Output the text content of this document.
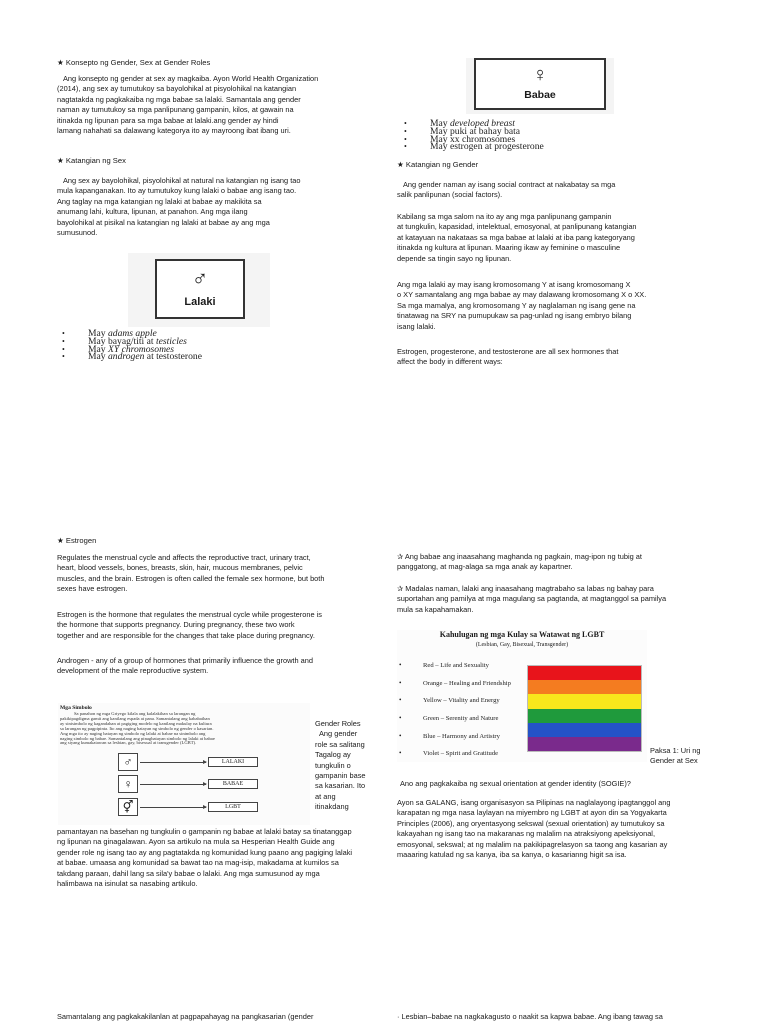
★ Konsepto ng Gender, Sex at Gender Roles

Ang konsepto ng gender at sex ay magkaiba. Ayon World Health Organization

(2014), ang sex ay tumutukoy sa bayolohikal at pisyolohikal na katangian

nagtatakda ng pagkakaiba ng mga babae sa lalaki. Samantala ang gender

naman ay tumutukoy sa mga panlipunang gampanin, kilos, at gawain na

itinakda ng lipunan para sa mga babae at lalaki.ang gender ay hindi

lamang nahahati sa dalawang kategorya ito ay mayroong ibat ibang uri.

★ Katangian ng Sex

Ang sex ay bayolohikal, pisyolohikal at natural na katangian ng isang tao

mula kapanganakan. Ito ay tumutukoy kung lalaki o babae ang isang tao.

Ang taglay na mga katangian ng lalaki at babae ay makikita sa

anumang lahi, kultura, lipunan, at panahon. Ang mga ilang

bayolohikal at pisikal na katangian ng lalaki at babae ay ang mga

sumusunod.

♂
Lalaki
• May adams apple
• May bayag/titi at testicles
• May XY chromosomes
• May androgen at testosterone
♀
Babae
• May developed breast
• May puki at bahay bata
• May xx chromosomes
• May estrogen at progesterone
★ Katangian ng Gender

Ang gender naman ay isang social contract at nakabatay sa mga

salik panlipunan (social factors).

Kabilang sa mga salom na ito ay ang mga panlipunang gampanin

at tungkulin, kapasidad, intelektual, emosyonal, at panlipunang katangian

at katayuan na nakataas sa mga babae at lalaki at iba pang kategoryang

itinakda ng kultura at lipunan. Maaring ikaw ay feminine o masculine

depende sa tingin sayo ng lipunan.

Ang mga lalaki ay may isang kromosomang Y at isang kromosomang X

o XY samantalang ang mga babae ay may dalawang kromosomang X o XX.

Sa mga mamalya, ang kromosomang Y ay naglalaman ng isang gene na

tinatawag na SRY na pumupukaw sa pag-unlad ng isang embryo bilang

isang lalaki.

Estrogen, progesterone, and testosterone are all sex hormones that

affect the body in different ways:

★ Estrogen

Regulates the menstrual cycle and affects the reproductive tract, urinary tract,

heart, blood vessels, bones, breasts, skin, hair, mucous membranes, pelvic

muscles, and the brain. Estrogen is often called the female sex hormone, but both

sexes have estrogen.

Estrogen is the hormone that regulates the menstrual cycle while progesterone is

the hormone that supports pregnancy. During pregnancy, these two work

together and are responsible for the changes that take place during pregnancy.

Androgen - any of a group of hormones that primarily influence the growth and

development of the male reproductive system.

Mga Simbolo

Sa panahon ng mga Griyego kilala ang kalalakihan sa larangan ng

pakikipagdigma gamit ang kanilang espada at pana. Samantalang ang kababaihan

ay sinisimbolo ng kagandahan at pagiging modelo ng kanilang makulay na kultura

sa larangan ng pagpipinta. Ito ang naging batayan ng simbolo ng gender o kasarian.

Ang mga ito ay naging batayan ng simbolo ng lalaki at babae na sinimbolo ang

naging simbolo ng babae. Samantalang ang pinagbatayan simbolo ng lalaki at babae

ang siyang kumakatawan sa lesbian, gay, bisexual at transgender (LGBT).

♂	LALAKI
♀	BABAE
⚥	LGBT

Gender Roles

Ang gender

role sa salitang

Tagalog ay

tungkulin o

gampanin base

sa kasarian. Ito

at ang

itinakdang

pamantayan na basehan ng tungkulin o gampanin ng babae at lalaki batay sa tinatanggap

ng lipunan na ginagalawan. Ayon sa artikulo na mula sa Hesperian Health Guide ang

gender role ng isang tao ay ang pagtatakda ng komunidad kung paano ang pagiging lalaki

at babae. umaasa ang komunidad sa bawat tao na mag-isip, makadama at kumilos sa

takdang paraan, dahil lang sa sila'y babae o lalaki. Ang mga sumusunod ay mga

halimbawa na isinulat sa nasabing artikulo.

Samantalang ang pagkakakilanlan at pagpapahayag na pangkasarian (gender

✰ Ang babae ang inaasahang maghanda ng pagkain, mag-ipon ng tubig at

panggatong, at mag-alaga sa mga anak ay kapartner.

✰ Madalas naman, lalaki ang inaasahang magtrabaho sa labas ng bahay para

suportahan ang pamilya at mga magulang sa pagtanda, at magtanggol sa pamilya

mula sa kapahamakan.

Kahulugan ng mga Kulay sa Watawat ng LGBT
(Lesbian, Gay, Bisexual, Transgender)
• Red – Life and Sexuality
• Orange – Healing and Friendship
• Yellow – Vitality and Energy
• Green – Serenity and Nature
• Blue – Harmony and Artistry
• Violet – Spirit and Gratitude	Paksa 1: Uri ng

Gender at Sex

Ano ang pagkakaiba ng sexual orientation at gender identity (SOGIE)?

Ayon sa GALANG, isang organisasyon sa Pilipinas na naglalayong ipagtanggol ang

karapatan ng mga nasa laylayan na miyembro ng LGBT at ayon din sa Yogyakarta

Principles (2006), ang oryentasyong sekswal (sexual orientation) ay tumutukoy sa

kakayahan ng isang tao na makaranas ng malalim na atraksiyong apeksiyonal,

emosyonal, sekswal; at ng malalim na pakikipagrelasyon sa taong ang kasarian ay

maaaring katulad ng sa kanya, iba sa kanya, o kasarianng higit sa isa.

· Lesbian–babae na nagkakagusto o naakit sa kapwa babae. Ang ibang tawag sa
